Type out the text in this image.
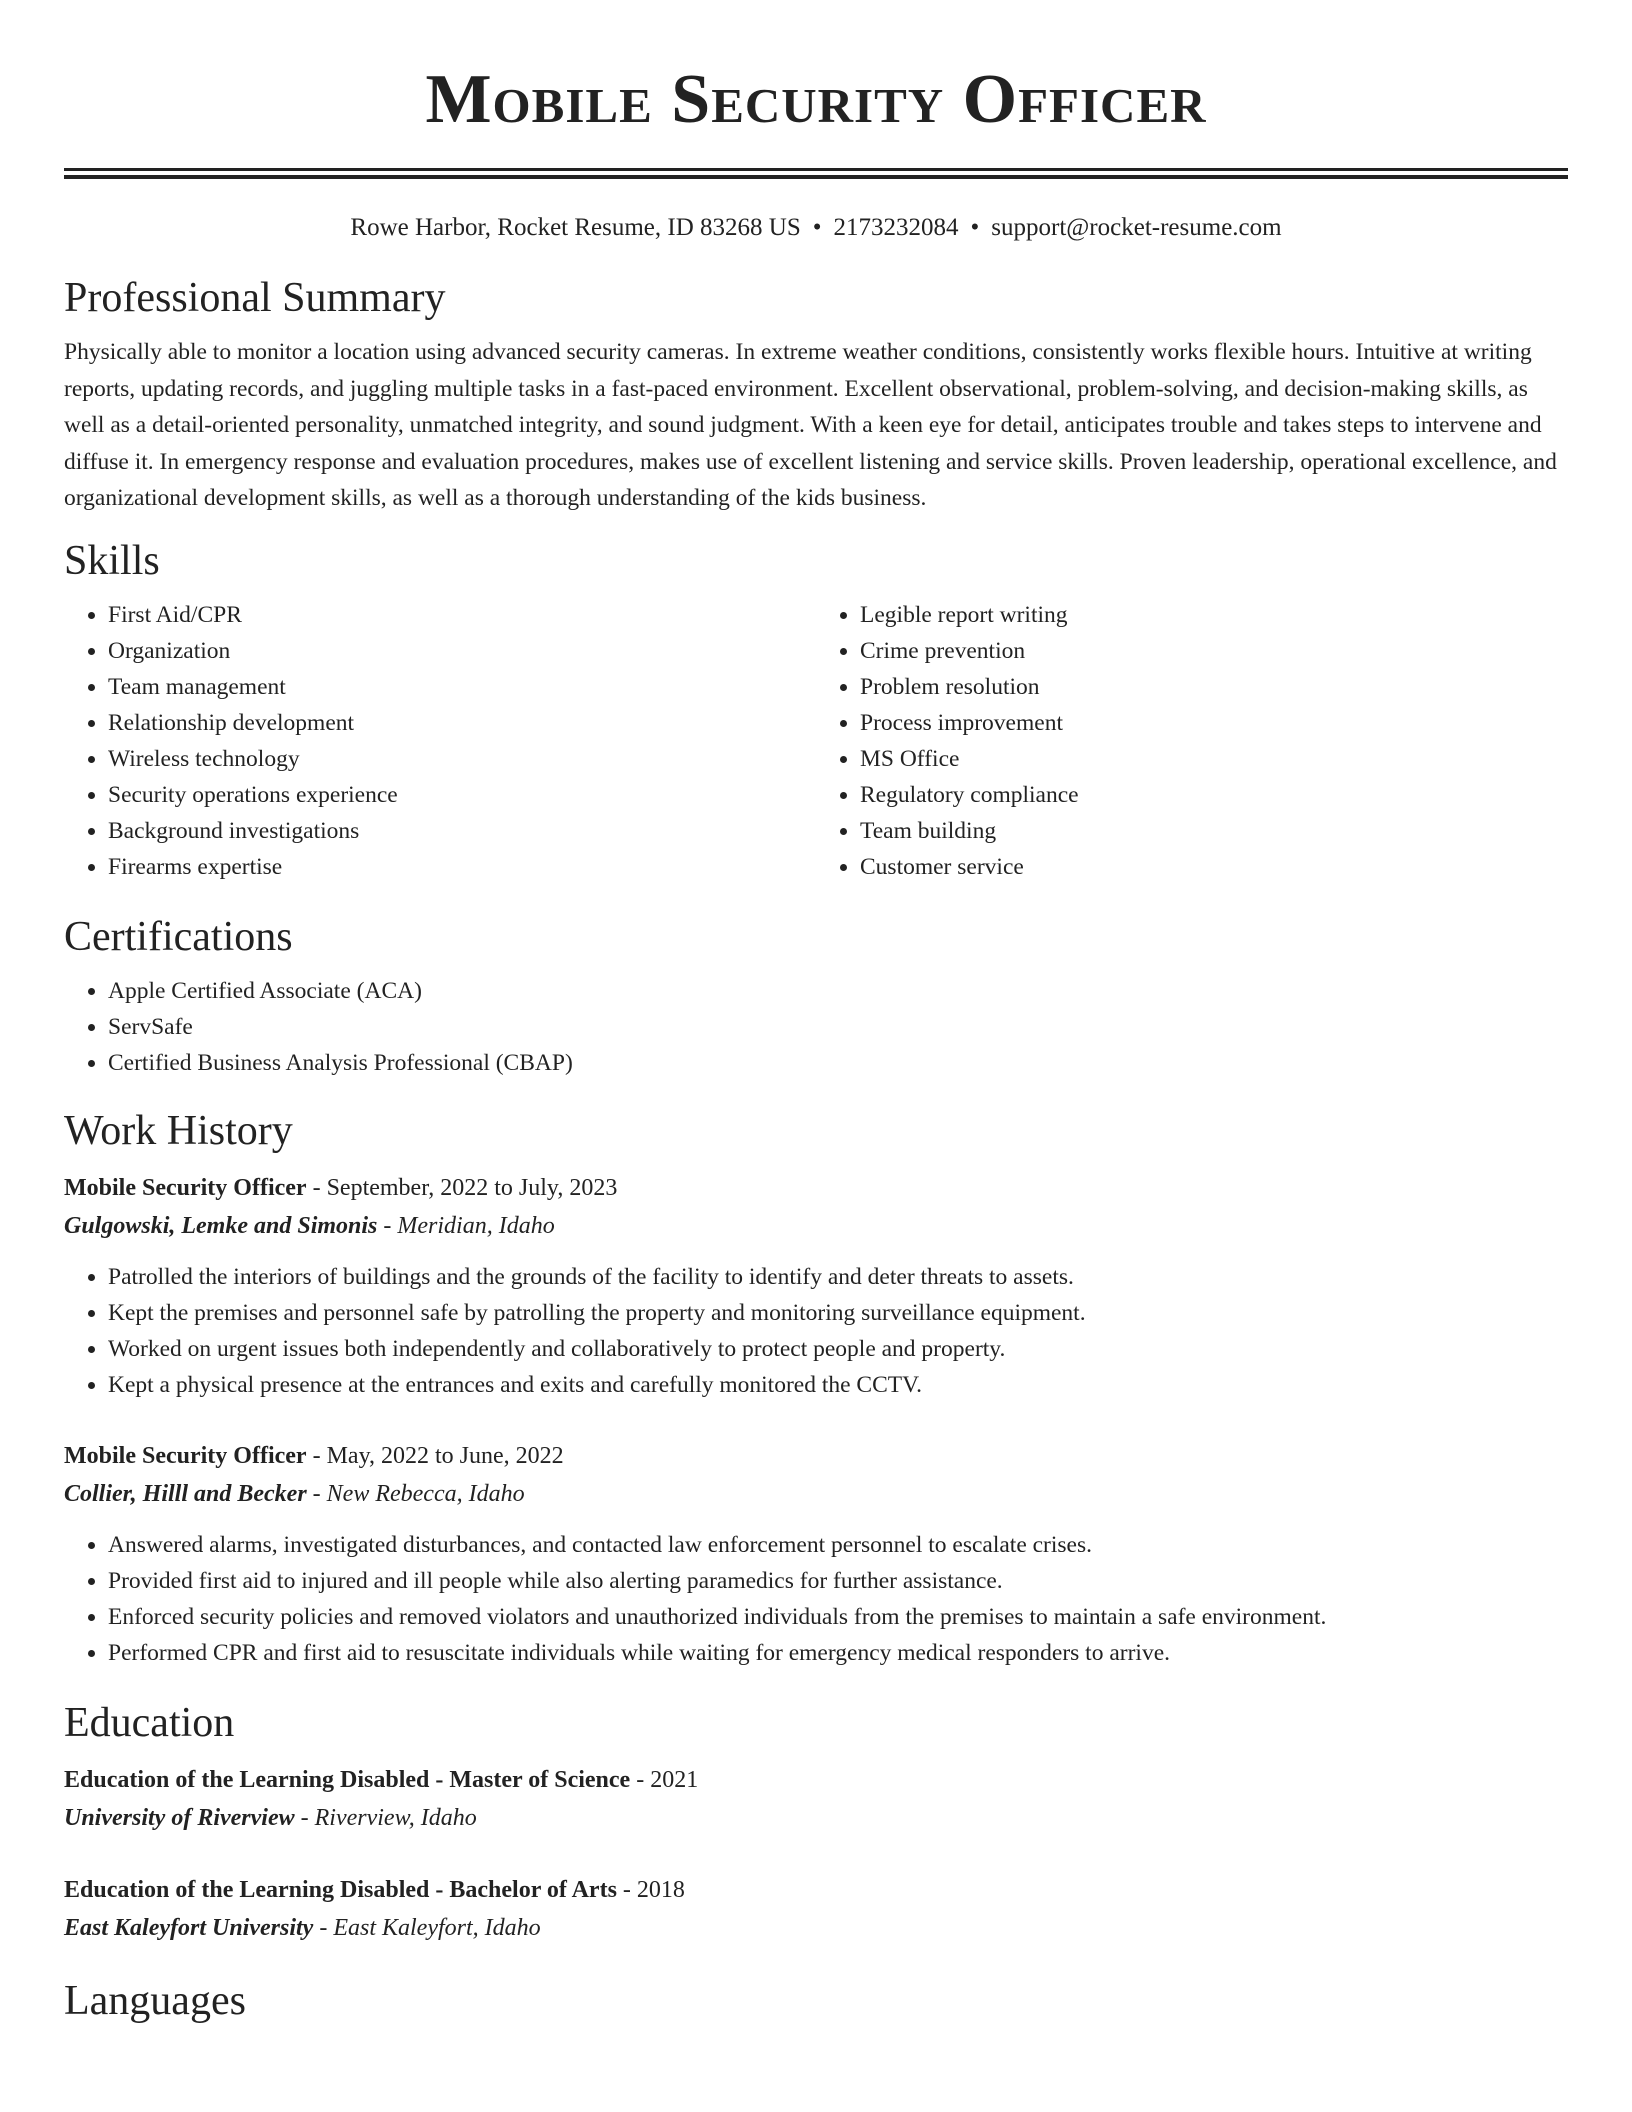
Mobile Security Officer
Rowe Harbor, Rocket Resume, ID 83268 US • 2173232084 • support@rocket-resume.com
Professional Summary
Physically able to monitor a location using advanced security cameras. In extreme weather conditions, consistently works flexible hours. Intuitive at writing reports, updating records, and juggling multiple tasks in a fast-paced environment. Excellent observational, problem-solving, and decision-making skills, as well as a detail-oriented personality, unmatched integrity, and sound judgment. With a keen eye for detail, anticipates trouble and takes steps to intervene and diffuse it. In emergency response and evaluation procedures, makes use of excellent listening and service skills. Proven leadership, operational excellence, and organizational development skills, as well as a thorough understanding of the kids business.
Skills
• First Aid/CPR
• Organization
• Team management
• Relationship development
• Wireless technology
• Security operations experience
• Background investigations
• Firearms expertise
• Legible report writing
• Crime prevention
• Problem resolution
• Process improvement
• MS Office
• Regulatory compliance
• Team building
• Customer service
Certifications
• Apple Certified Associate (ACA)
• ServSafe
• Certified Business Analysis Professional (CBAP)
Work History
Mobile Security Officer - September, 2022 to July, 2023
Gulgowski, Lemke and Simonis - Meridian, Idaho
• Patrolled the interiors of buildings and the grounds of the facility to identify and deter threats to assets.
• Kept the premises and personnel safe by patrolling the property and monitoring surveillance equipment.
• Worked on urgent issues both independently and collaboratively to protect people and property.
• Kept a physical presence at the entrances and exits and carefully monitored the CCTV.
Mobile Security Officer - May, 2022 to June, 2022
Collier, Hilll and Becker - New Rebecca, Idaho
• Answered alarms, investigated disturbances, and contacted law enforcement personnel to escalate crises.
• Provided first aid to injured and ill people while also alerting paramedics for further assistance.
• Enforced security policies and removed violators and unauthorized individuals from the premises to maintain a safe environment.
• Performed CPR and first aid to resuscitate individuals while waiting for emergency medical responders to arrive.
Education
Education of the Learning Disabled - Master of Science - 2021
University of Riverview - Riverview, Idaho
Education of the Learning Disabled - Bachelor of Arts - 2018
East Kaleyfort University - East Kaleyfort, Idaho
Languages
